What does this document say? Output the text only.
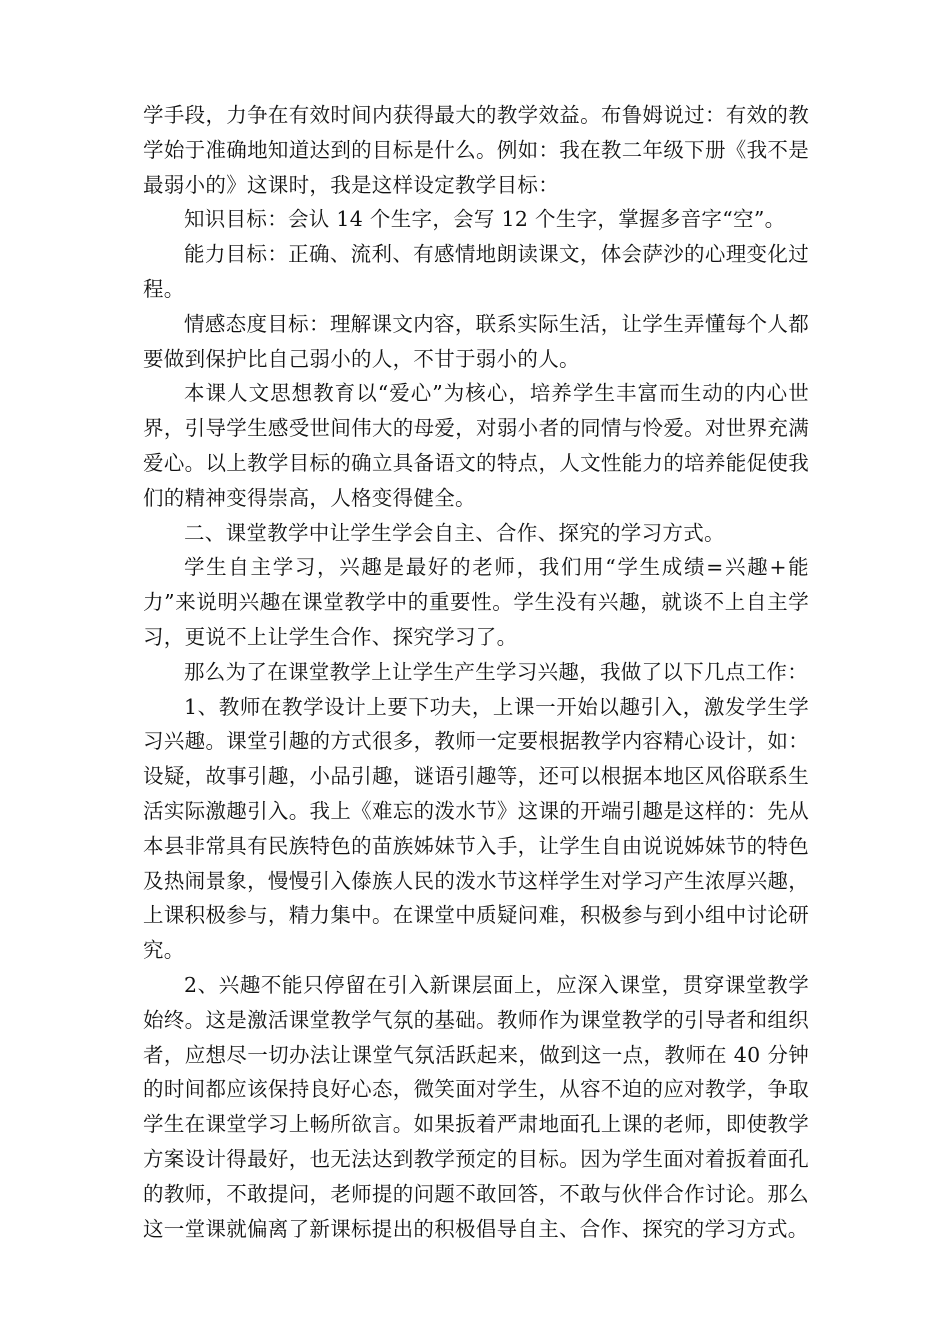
学手段，力争在有效时间内获得最大的教学效益。布鲁姆说过：有效的教学始于准确地知道达到的目标是什么。例如：我在教二年级下册《我不是最弱小的》这课时，我是这样设定教学目标：

知识目标：会认 14 个生字，会写 12 个生字，掌握多音字“空”。

能力目标：正确、流利、有感情地朗读课文，体会萨沙的心理变化过程。

情感态度目标：理解课文内容，联系实际生活，让学生弄懂每个人都要做到保护比自己弱小的人，不甘于弱小的人。

本课人文思想教育以“爱心”为核心，培养学生丰富而生动的内心世界，引导学生感受世间伟大的母爱，对弱小者的同情与怜爱。对世界充满爱心。以上教学目标的确立具备语文的特点，人文性能力的培养能促使我们的精神变得崇高，人格变得健全。

二、课堂教学中让学生学会自主、合作、探究的学习方式。

学生自主学习，兴趣是最好的老师，我们用“学生成绩=兴趣+能力”来说明兴趣在课堂教学中的重要性。学生没有兴趣，就谈不上自主学习，更说不上让学生合作、探究学习了。

那么为了在课堂教学上让学生产生学习兴趣，我做了以下几点工作：

1、教师在教学设计上要下功夫，上课一开始以趣引入，激发学生学习兴趣。课堂引趣的方式很多，教师一定要根据教学内容精心设计，如：设疑，故事引趣，小品引趣，谜语引趣等，还可以根据本地区风俗联系生活实际激趣引入。我上《难忘的泼水节》这课的开端引趣是这样的：先从本县非常具有民族特色的苗族姊妹节入手，让学生自由说说姊妹节的特色及热闹景象，慢慢引入傣族人民的泼水节这样学生对学习产生浓厚兴趣，上课积极参与，精力集中。在课堂中质疑问难，积极参与到小组中讨论研究。

2、兴趣不能只停留在引入新课层面上，应深入课堂，贯穿课堂教学始终。这是激活课堂教学气氛的基础。教师作为课堂教学的引导者和组织者，应想尽一切办法让课堂气氛活跃起来，做到这一点，教师在 40 分钟的时间都应该保持良好心态，微笑面对学生，从容不迫的应对教学，争取学生在课堂学习上畅所欲言。如果扳着严肃地面孔上课的老师，即使教学方案设计得最好，也无法达到教学预定的目标。因为学生面对着扳着面孔的教师，不敢提问，老师提的问题不敢回答，不敢与伙伴合作讨论。那么这一堂课就偏离了新课标提出的积极倡导自主、合作、探究的学习方式。
